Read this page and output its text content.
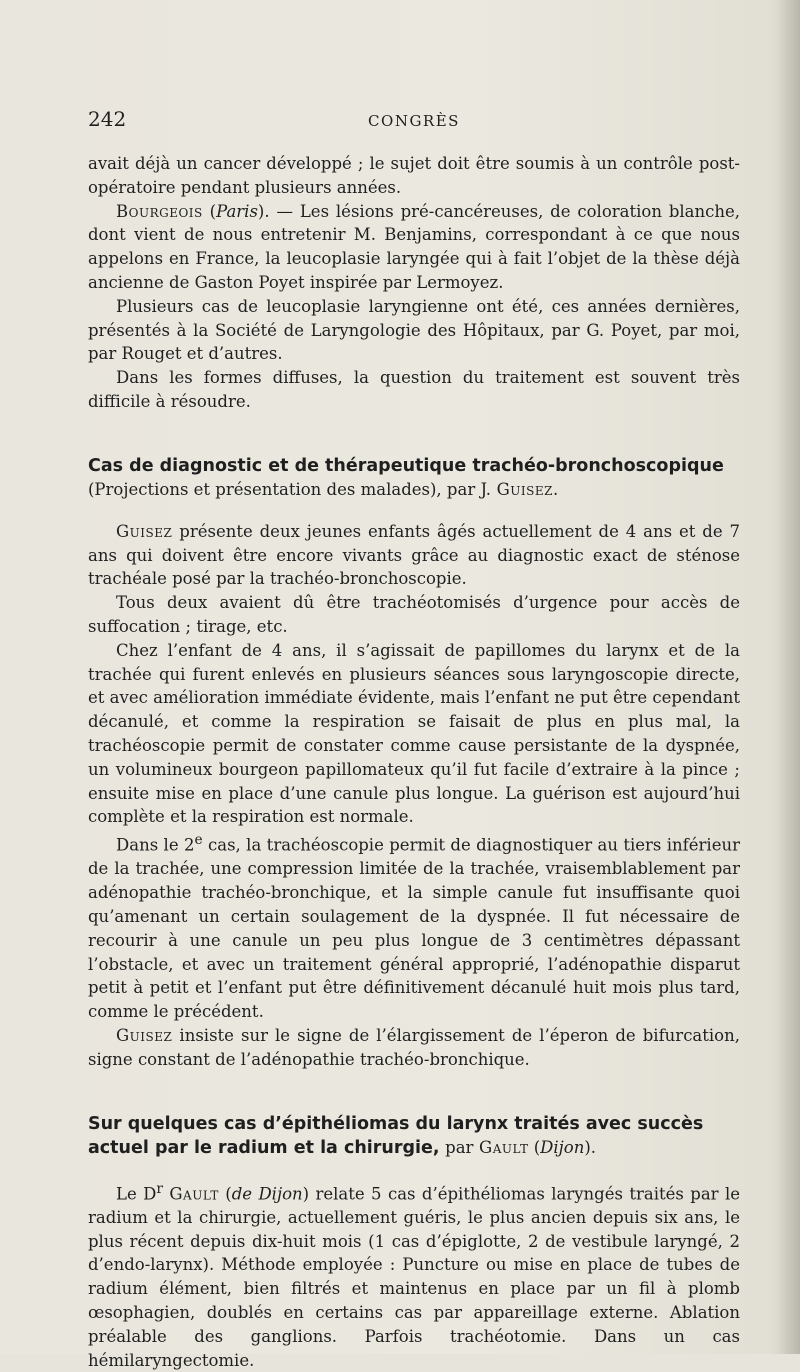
242	CONGRÈS

avait déjà un cancer développé ; le sujet doit être soumis à un contrôle post-opératoire pendant plusieurs années.

Bourgeois (Paris). — Les lésions pré-cancéreuses, de coloration blanche, dont vient de nous entretenir M. Benjamins, correspondant à ce que nous appelons en France, la leucoplasie laryngée qui à fait l’objet de la thèse déjà ancienne de Gaston Poyet inspirée par Lermoyez.

Plusieurs cas de leucoplasie laryngienne ont été, ces années dernières, présentés à la Société de Laryngologie des Hôpitaux, par G. Poyet, par moi, par Rouget et d’autres.

Dans les formes diffuses, la question du traitement est souvent très difficile à résoudre.

Cas de diagnostic et de thérapeutique trachéo-bronchoscopique (Projections et présentation des malades), par J. Guisez.

Guisez présente deux jeunes enfants âgés actuellement de 4 ans et de 7 ans qui doivent être encore vivants grâce au diagnostic exact de sténose trachéale posé par la trachéo-bronchoscopie.

Tous deux avaient dû être trachéotomisés d’urgence pour accès de suffocation ; tirage, etc.

Chez l’enfant de 4 ans, il s’agissait de papillomes du larynx et de la trachée qui furent enlevés en plusieurs séances sous laryngoscopie directe, et avec amélioration immédiate évidente, mais l’enfant ne put être cependant décanulé, et comme la respiration se faisait de plus en plus mal, la trachéoscopie permit de constater comme cause persistante de la dyspnée, un volumineux bourgeon papillomateux qu’il fut facile d’extraire à la pince ; ensuite mise en place d’une canule plus longue. La guérison est aujourd’hui complète et la respiration est normale.

Dans le 2e cas, la trachéoscopie permit de diagnostiquer au tiers inférieur de la trachée, une compression limitée de la trachée, vraisemblablement par adénopathie trachéo-bronchique, et la simple canule fut insuffisante quoi qu’amenant un certain soulagement de la dyspnée. Il fut nécessaire de recourir à une canule un peu plus longue de 3 centimètres dépassant l’obstacle, et avec un traitement général approprié, l’adénopathie disparut petit à petit et l’enfant put être définitivement décanulé huit mois plus tard, comme le précédent.

Guisez insiste sur le signe de l’élargissement de l’éperon de bifurcation, signe constant de l’adénopathie trachéo-bronchique.

Sur quelques cas d’épithéliomas du larynx traités avec succès actuel par le radium et la chirurgie, par Gault (Dijon).

Le $D^r$ Gault (de Dijon) relate 5 cas d’épithéliomas laryngés traités par le radium et la chirurgie, actuellement guéris, le plus ancien depuis six ans, le plus récent depuis dix-huit mois (1 cas d’épiglotte, 2 de vestibule laryngé, 2 d’endo-larynx). Méthode employée : Puncture ou mise en place de tubes de radium élément, bien filtrés et maintenus en place par un fil à plomb œsophagien, doublés en certains cas par appareillage externe. Ablation préalable des ganglions. Parfois trachéotomie. Dans un cas hémilaryngectomie.
